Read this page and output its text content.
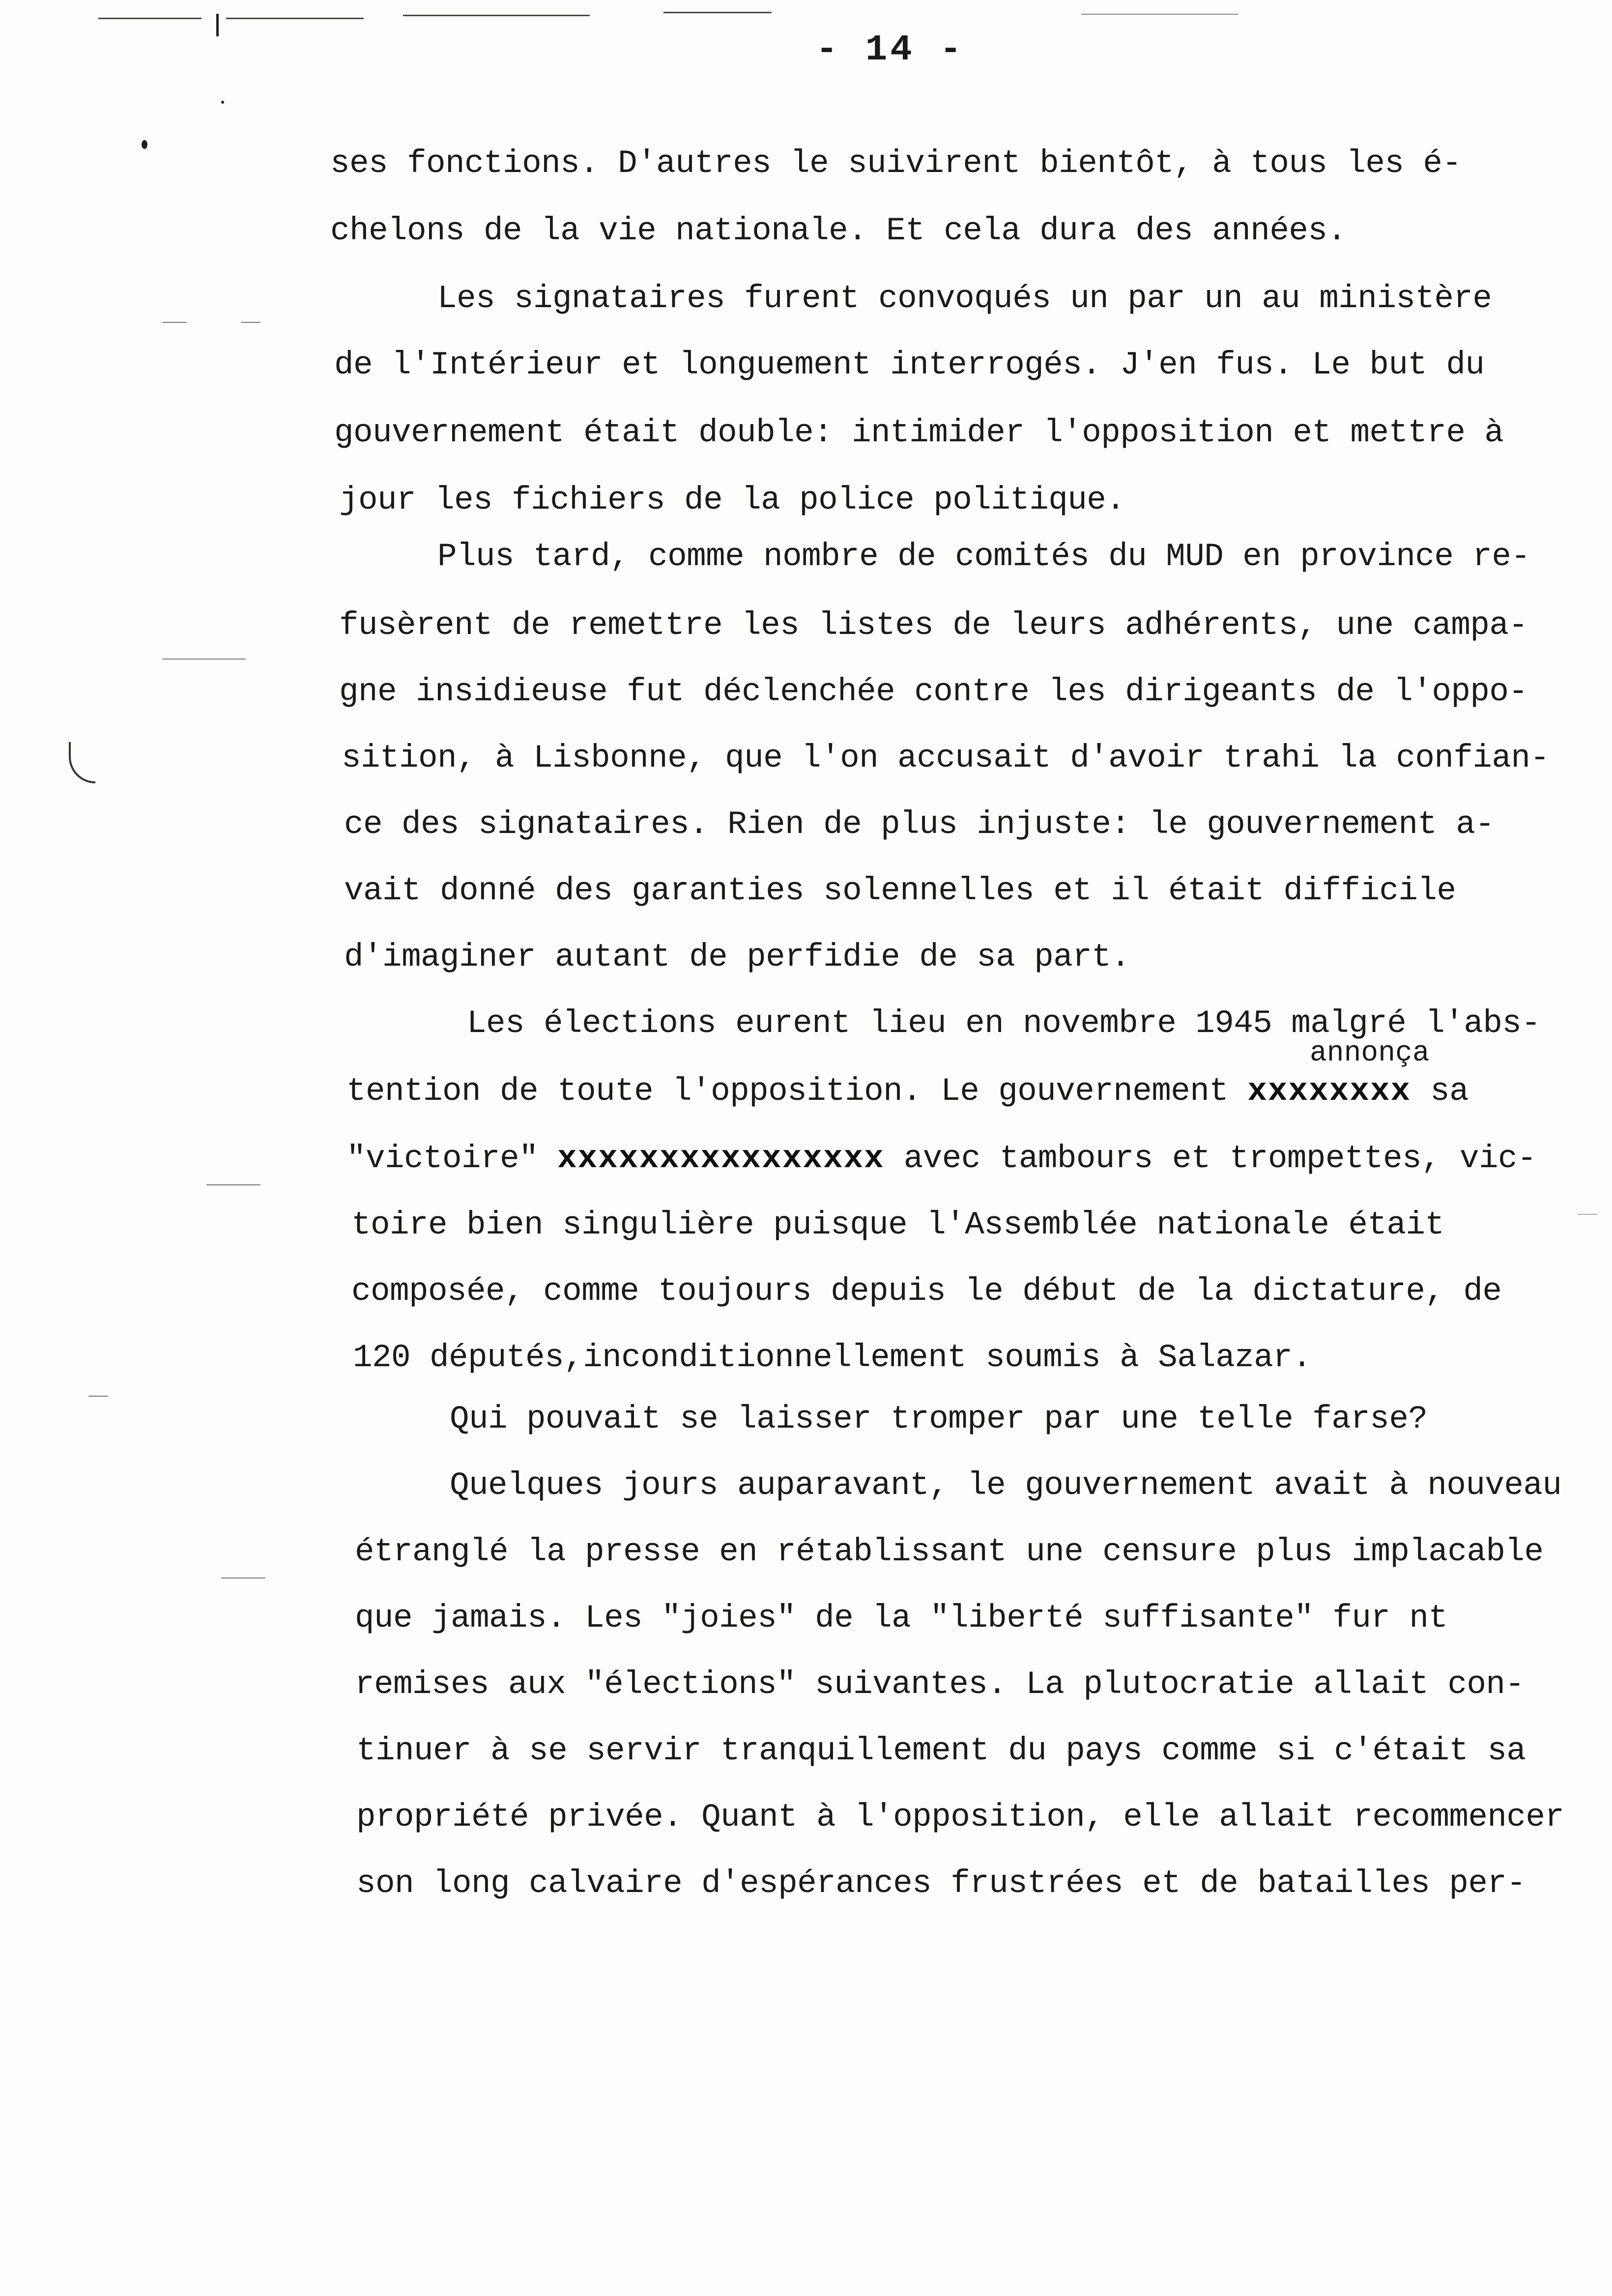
- 14 -
ses fonctions. D'autres le suivirent bientôt, à tous les é-
chelons de la vie nationale. Et cela dura des années.
Les signataires furent convoqués un par un au ministère
de l'Intérieur et longuement interrogés. J'en fus. Le but du
gouvernement était double: intimider l'opposition et mettre à
jour les fichiers de la police politique.
Plus tard, comme nombre de comités du MUD en province re-
fusèrent de remettre les listes de leurs adhérents, une campa-
gne insidieuse fut déclenchée contre les dirigeants de l'oppo-
sition, à Lisbonne, que l'on accusait d'avoir trahi la confian-
ce des signataires. Rien de plus injuste: le gouvernement a-
vait donné des garanties solennelles et il était difficile
d'imaginer autant de perfidie de sa part.
Les élections eurent lieu en novembre 1945 malgré l'abs-
annonça
tention de toute l'opposition. Le gouvernement xxxxxxxx sa
"victoire" xxxxxxxxxxxxxxxx avec tambours et trompettes, vic-
toire bien singulière puisque l'Assemblée nationale était
composée, comme toujours depuis le début de la dictature, de
120 députés,inconditionnellement soumis à Salazar.
Qui pouvait se laisser tromper par une telle farse?
Quelques jours auparavant, le gouvernement avait à nouveau
étranglé la presse en rétablissant une censure plus implacable
que jamais. Les "joies" de la "liberté suffisante" fur nt
remises aux "élections" suivantes. La plutocratie allait con-
tinuer à se servir tranquillement du pays comme si c'était sa
propriété privée. Quant à l'opposition, elle allait recommencer
son long calvaire d'espérances frustrées et de batailles per-
